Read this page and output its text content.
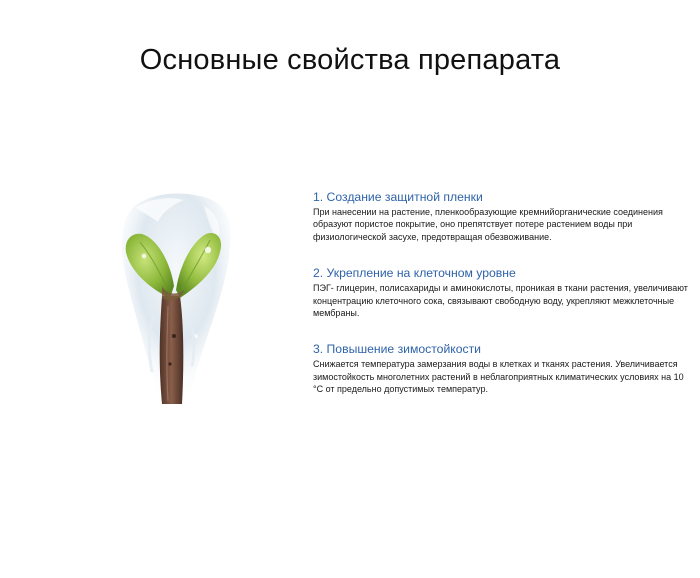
Основные свойства препарата
1. Создание защитной пленки

При нанесении на растение, пленкообразующие кремнийорганические соединения образуют пористое покрытие, оно препятствует потере растением воды при физиологической засухе, предотвращая обезвоживание.

2. Укрепление на клеточном уровне

ПЭГ- глицерин, полисахариды и аминокислоты, проникая в ткани растения, увеличивают концентрацию клеточного сока, связывают свободную воду, укрепляют межклеточные мембраны.

3. Повышение зимостойкости

Снижается температура замерзания воды в клетках и тканях растения. Увеличивается зимостойкость многолетних растений в неблагоприятных климатических условиях на 10 °С от предельно допустимых температур.
